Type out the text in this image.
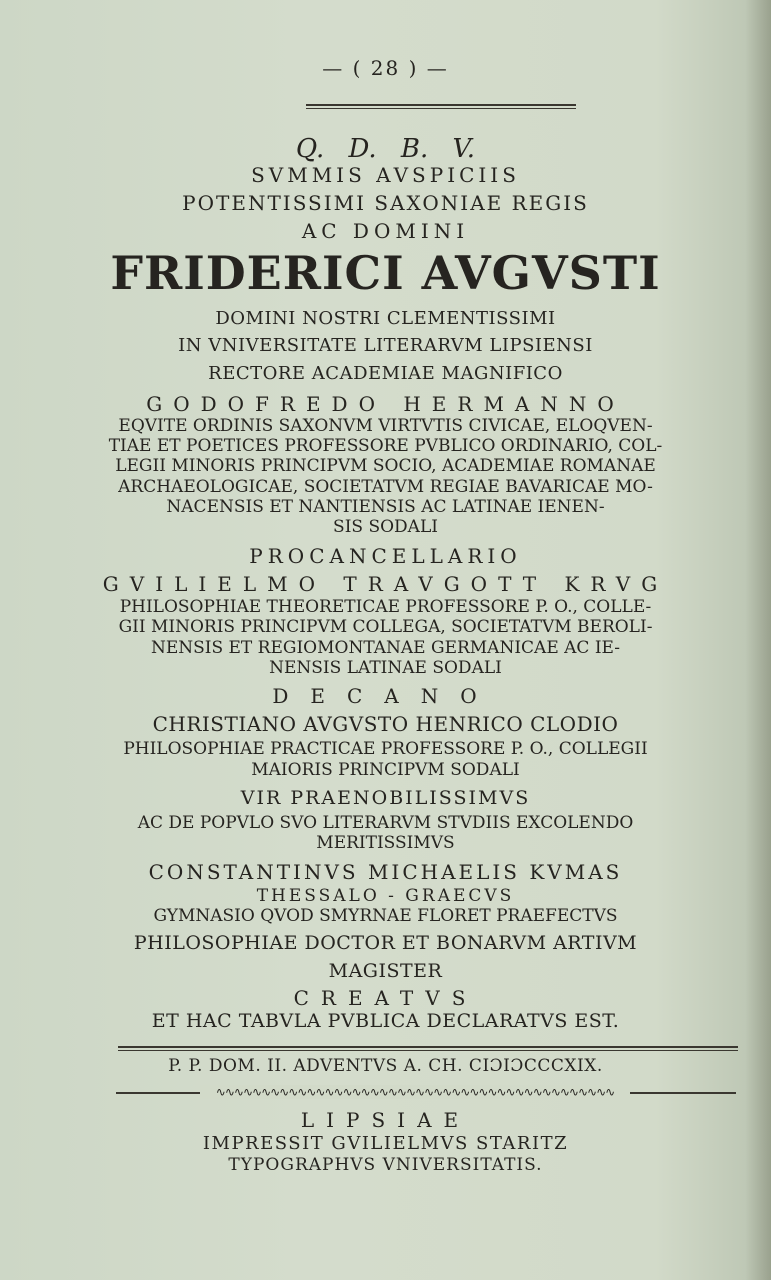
— ( 28 ) —
Q. D. B. V.
SVMMIS AVSPICIIS
POTENTISSIMI SAXONIAE REGIS
AC DOMINI
FRIDERICI AVGVSTI
DOMINI NOSTRI CLEMENTISSIMI
IN VNIVERSITATE LITERARVM LIPSIENSI
RECTORE ACADEMIAE MAGNIFICO
GODOFREDO HERMANNO
EQVITE ORDINIS SAXONVM VIRTVTIS CIVICAE, ELOQVEN-
TIAE ET POETICES PROFESSORE PVBLICO ORDINARIO, COL-
LEGII MINORIS PRINCIPVM SOCIO, ACADEMIAE ROMANAE
ARCHAEOLOGICAE, SOCIETATVM REGIAE BAVARICAE MO-
NACENSIS ET NANTIENSIS AC LATINAE IENEN-
SIS SODALI
PROCANCELLARIO
GVILIELMO TRAVGOTT KRVG
PHILOSOPHIAE THEORETICAE PROFESSORE P. O., COLLE-
GII MINORIS PRINCIPVM COLLEGA, SOCIETATVM BEROLI-
NENSIS ET REGIOMONTANAE GERMANICAE AC IE-
NENSIS LATINAE SODALI
DECANO
CHRISTIANO AVGVSTO HENRICO CLODIO
PHILOSOPHIAE PRACTICAE PROFESSORE P. O., COLLEGII
MAIORIS PRINCIPVM SODALI
VIR PRAENOBILISSIMVS
AC DE POPVLO SVO LITERARVM STVDIIS EXCOLENDO
MERITISSIMVS
CONSTANTINVS MICHAELIS KVMAS
THESSALO - GRAECVS
GYMNASIO QVOD SMYRNAE FLORET PRAEFECTVS
PHILOSOPHIAE DOCTOR ET BONARVM ARTIVM
MAGISTER
CREATVS
ET HAC TABVLA PVBLICA DECLARATVS EST.
P. P. DOM. II. ADVENTVS A. CH. CIƆIƆCCCXIX.
∿∿∿∿∿∿∿∿∿∿∿∿∿∿∿∿∿∿∿∿∿∿∿∿∿∿∿∿∿∿∿∿∿∿∿∿∿∿∿∿∿∿∿∿
LIPSIAE
IMPRESSIT GVILIELMVS STARITZ
TYPOGRAPHVS VNIVERSITATIS.
